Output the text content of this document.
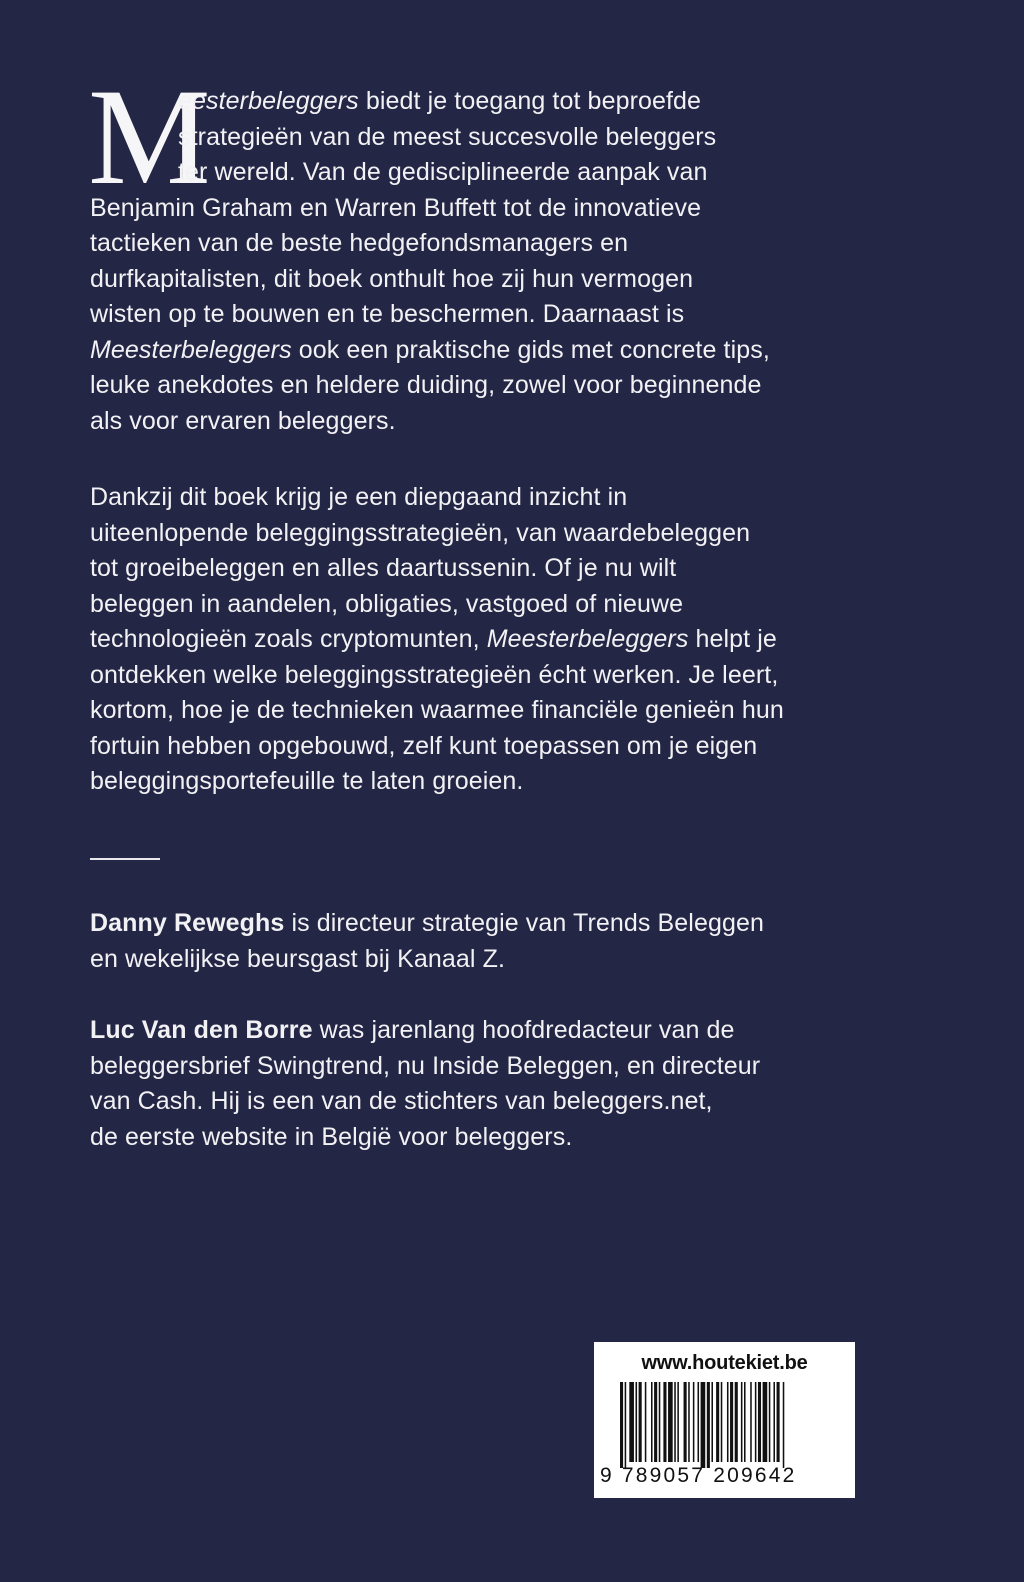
M
eesterbeleggers biedt je toegang tot beproefde
strategieën van de meest succesvolle beleggers
ter wereld. Van de gedisciplineerde aanpak van
Benjamin Graham en Warren Buffett tot de innovatieve
tactieken van de beste hedgefondsmanagers en
durfkapitalisten, dit boek onthult hoe zij hun vermogen
wisten op te bouwen en te beschermen. Daarnaast is
Meesterbeleggers ook een praktische gids met concrete tips,
leuke anekdotes en heldere duiding, zowel voor beginnende
als voor ervaren beleggers.
Dankzij dit boek krijg je een diepgaand inzicht in
uiteenlopende beleggingsstrategieën, van waardebeleggen
tot groeibeleggen en alles daartussenin. Of je nu wilt
beleggen in aandelen, obligaties, vastgoed of nieuwe
technologieën zoals cryptomunten, Meesterbeleggers helpt je
ontdekken welke beleggingsstrategieën écht werken. Je leert,
kortom, hoe je de technieken waarmee financiële genieën hun
fortuin hebben opgebouwd, zelf kunt toepassen om je eigen
beleggingsportefeuille te laten groeien.
Danny Reweghs is directeur strategie van Trends Beleggen
en wekelijkse beursgast bij Kanaal Z.
Luc Van den Borre was jarenlang hoofdredacteur van de
beleggersbrief Swingtrend, nu Inside Beleggen, en directeur
van Cash. Hij is een van de stichters van beleggers.net,
de eerste website in België voor beleggers.
www.houtekiet.be
9 789057 209642
